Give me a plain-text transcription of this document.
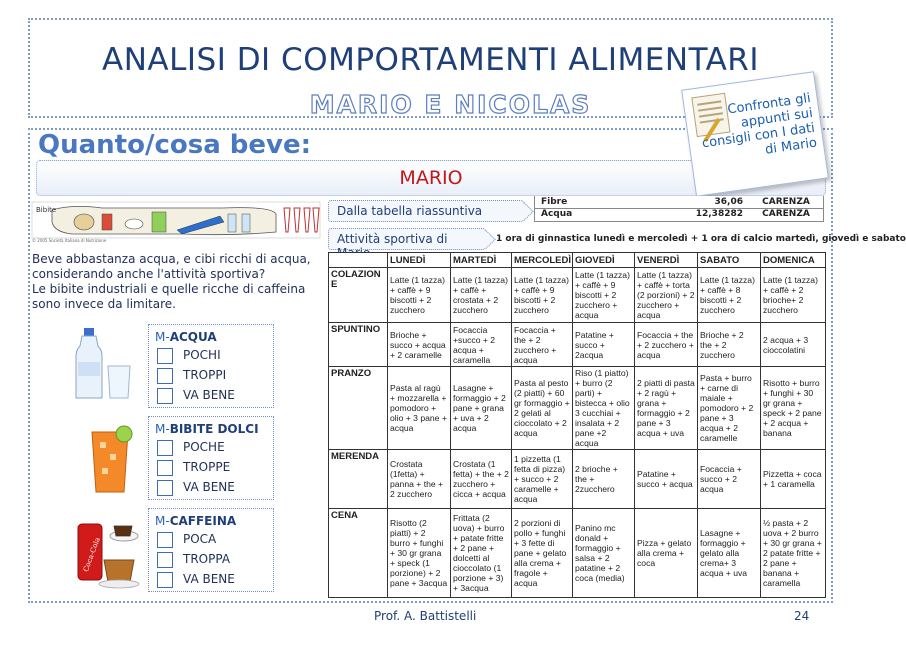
ANALISI DI COMPORTAMENTI ALIMENTARI
MARIO E NICOLAS
Quanto/cosa beve:
MARIO
Confronta gli appunti sui consigli con I dati di Mario
Bibite
© 2005 Società Italiana di Nutrizione
Dalla tabella riassuntiva
Attività sportiva di
Fibre	36,06	CARENZA
Acqua	12,38282	CARENZA
1 ora di ginnastica lunedì e mercoledì + 1 ora di calcio martedì, giovedì e sabato
Beve abbastanza acqua, e cibi ricchi di acqua, considerando anche l'attività sportiva?
Le bibite industriali e quelle ricche di caffeina sono invece da limitare.
Coca-Cola
M-ACQUA
POCHI
TROPPI
VA BENE
M-BIBITE DOLCI
POCHE
TROPPE
VA BENE
M-CAFFEINA
POCA
TROPPA
VA BENE
	LUNEDÌ	MARTEDÌ	MERCOLEDÌ	GIOVEDÌ	VENERDÌ	SABATO	DOMENICA
COLAZIONE	Latte (1 tazza) + caffè + 9 biscotti + 2 zucchero	Latte (1 tazza) + caffè + crostata + 2 zucchero	Latte (1 tazza) + caffè + 9 biscotti + 2 zucchero	Latte (1 tazza) + caffè + 9 biscotti + 2 zucchero + acqua	Latte (1 tazza) + caffè + torta (2 porzioni) + 2 zucchero + acqua	Latte (1 tazza) + caffè + 8 biscotti + 2 zucchero	Latte (1 tazza) + caffè + 2 brioche+ 2 zucchero
SPUNTINO	Brioche + succo + acqua + 2 caramelle	Focaccia +succo + 2 acqua + caramella	Focaccia + the + 2 zucchero + acqua	Patatine + succo + 2acqua	Focaccia + the + 2 zucchero + acqua	Brioche + 2 the + 2 zucchero	2 acqua + 3 cioccolatini
PRANZO	Pasta al ragù + mozzarella + pomodoro + olio + 3 pane + acqua	Lasagne + formaggio + 2 pane + grana + uva + 2 acqua	Pasta al pesto (2 piatti) + 60 gr formaggio + 2 gelati al cioccolato + 2 acqua	Riso (1 piatto) + burro (2 parti) + bistecca + olio 3 cucchiai + insalata + 2 pane +2 acqua	2 piatti di pasta + 2 ragù + grana + formaggio + 2 pane + 3 acqua + uva	Pasta + burro + carne di maiale + pomodoro + 2 pane + 3 acqua + 2 caramelle	Risotto + burro + funghi + 30 gr grana + speck + 2 pane + 2 acqua + banana
MERENDA	Crostata (1fetta) + panna + the + 2 zucchero	Crostata (1 fetta) + the + 2 zucchero + cicca + acqua	1 pizzetta (1 fetta di pizza) + succo + 2 caramelle + acqua	2 brioche + the + 2zucchero	Patatine + succo + acqua	Focaccia + succo + 2 acqua	Pizzetta + coca + 1 caramella
CENA	Risotto (2 piatti) + 2 burro + funghi + 30 gr grana + speck (1 porzione) + 2 pane + 3acqua	Frittata (2 uova) + burro + patate fritte + 2 pane + dolcetti al cioccolato (1 porzione + 3) + 3acqua	2 porzioni di pollo + funghi + 3 fette di pane + gelato alla crema + fragole + acqua	Panino mc donald + formaggio + salsa + 2 patatine + 2 coca (media)	Pizza + gelato alla crema + coca	Lasagne + formaggio + gelato alla crema+ 3 acqua + uva	½ pasta + 2 uova + 2 burro + 30 gr grana + 2 patate fritte + 2 pane + banana + caramella
Prof. A. Battistelli	24
